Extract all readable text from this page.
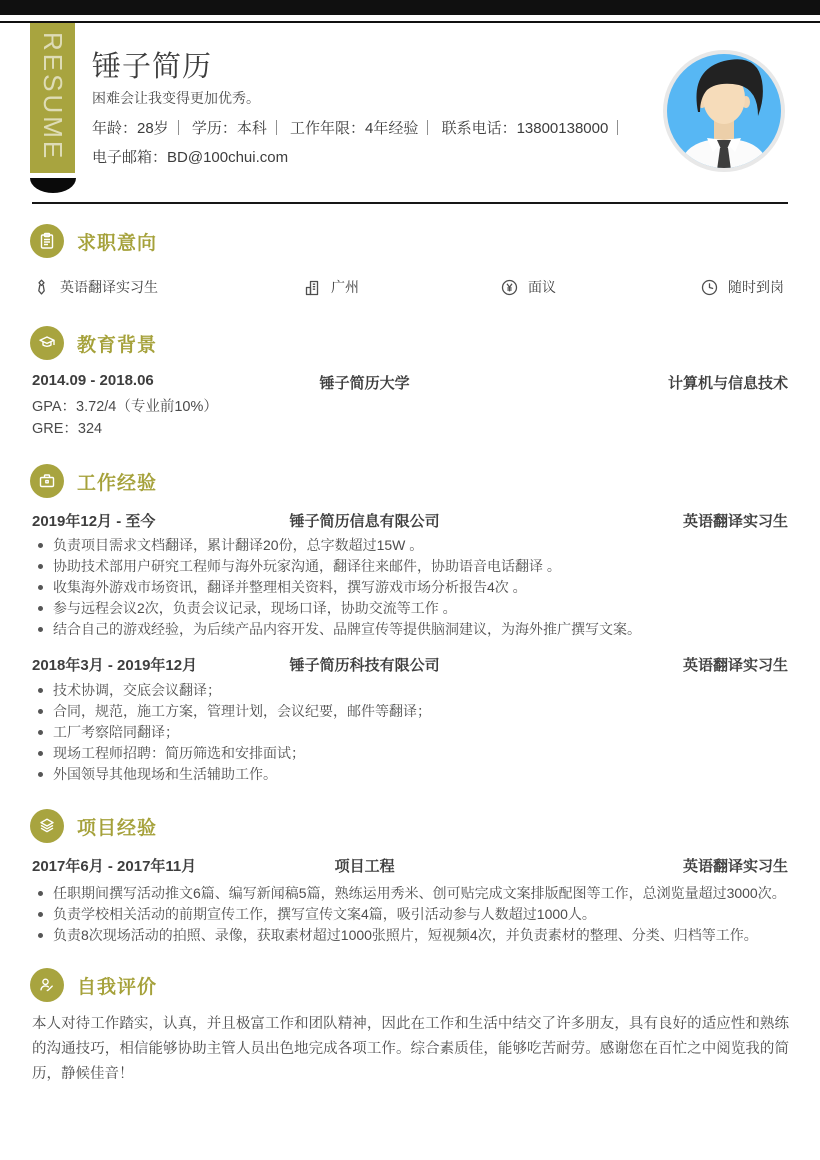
RESUME 锤子简历
困难会让我变得更加优秀。
年龄：28岁 学历：本科 工作年限：4年经验 联系电话：13800138000
电子邮箱：BD@100chui.com
求职意向
英语翻译实习生	广州	面议	随时到岗
教育背景
2014.09 - 2018.06	锤子简历大学	计算机与信息技术
GPA：3.72/4（专业前10%）
GRE：324
工作经验
2019年12月 - 至今	锤子简历信息有限公司	英语翻译实习生
负责项目需求文档翻译，累计翻译20份，总字数超过15W 。
协助技术部用户研究工程师与海外玩家沟通，翻译往来邮件，协助语音电话翻译 。
收集海外游戏市场资讯，翻译并整理相关资料，撰写游戏市场分析报告4次 。
参与远程会议2次，负责会议记录，现场口译，协助交流等工作 。
结合自己的游戏经验，为后续产品内容开发、品牌宣传等提供脑洞建议，为海外推广撰写文案。
2018年3月 - 2019年12月	锤子简历科技有限公司	英语翻译实习生
技术协调，交底会议翻译；
合同，规范，施工方案，管理计划，会议纪要，邮件等翻译；
工厂考察陪同翻译；
现场工程师招聘：简历筛选和安排面试；
外国领导其他现场和生活辅助工作。
项目经验
2017年6月 - 2017年11月	项目工程	英语翻译实习生
任职期间撰写活动推文6篇、编写新闻稿5篇，熟练运用秀米、创可贴完成文案排版配图等工作，总浏览量超过3000次。
负责学校相关活动的前期宣传工作，撰写宣传文案4篇，吸引活动参与人数超过1000人。
负责8次现场活动的拍照、录像，获取素材超过1000张照片，短视频4次，并负责素材的整理、分类、归档等工作。
自我评价
本人对待工作踏实，认真，并且极富工作和团队精神，因此在工作和生活中结交了许多朋友，具有良好的适应性和熟练的沟通技巧，相信能够协助主管人员出色地完成各项工作。综合素质佳，能够吃苦耐劳。感谢您在百忙之中阅览我的简历，静候佳音！
